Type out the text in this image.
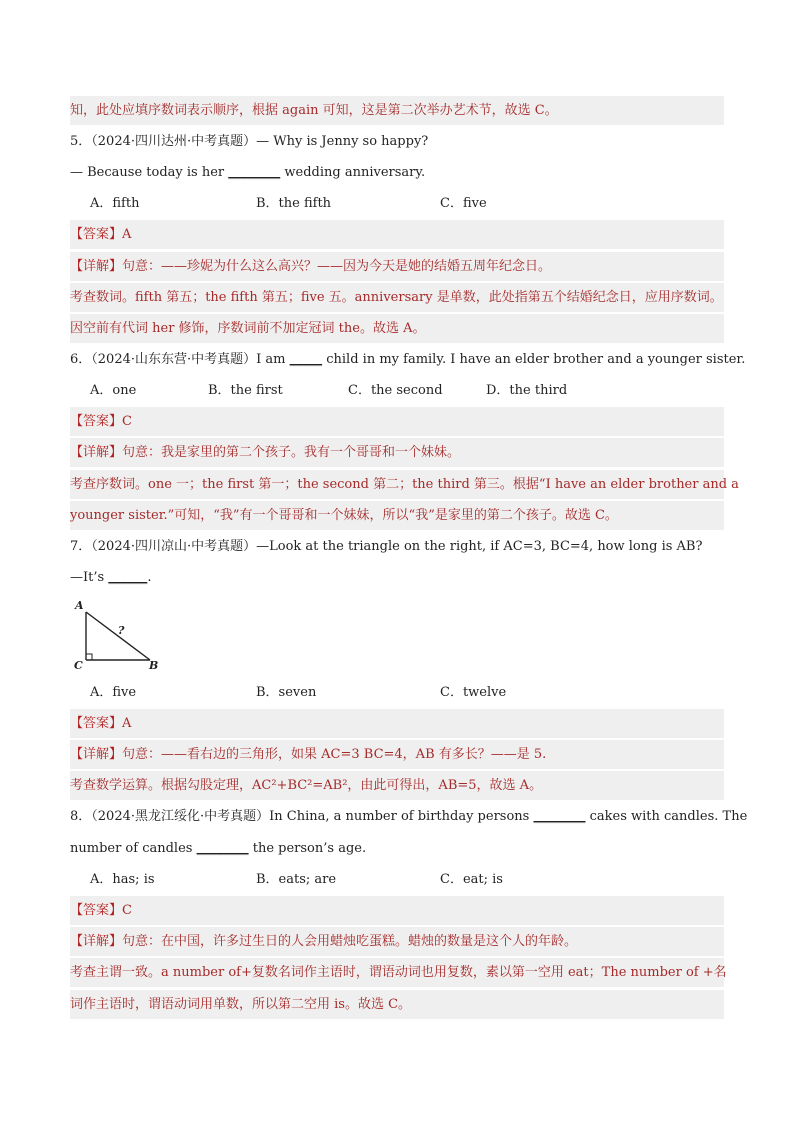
知，此处应填序数词表示顺序，根据 again 可知，这是第二次举办艺术节，故选 C。
5．（2024·四川达州·中考真题）— Why is Jenny so happy?
— Because today is her ________ wedding anniversary.
A．fifth	B．the fifth	C．five
【答案】A
【详解】句意：——珍妮为什么这么高兴？——因为今天是她的结婚五周年纪念日。
考查数词。fifth 第五；the fifth 第五；five 五。anniversary 是单数，此处指第五个结婚纪念日，应用序数词。
因空前有代词 her 修饰，序数词前不加定冠词 the。故选 A。
6．（2024·山东东营·中考真题）I am _____ child in my family. I have an elder brother and a younger sister.
A．one	B．the first	C．the second	D．the third
【答案】C
【详解】句意：我是家里的第二个孩子。我有一个哥哥和一个妹妹。
考查序数词。one 一；the first 第一；the second 第二；the third 第三。根据“I have an elder brother and a
younger sister.”可知，“我”有一个哥哥和一个妹妹，所以“我”是家里的第二个孩子。故选 C。
7．（2024·四川凉山·中考真题）—Look at the triangle on the right, if AC=3, BC=4, how long is AB?
—It’s ______.
A
C	B
?
A．five	B．seven	C．twelve
【答案】A
【详解】句意：——看右边的三角形，如果 AC=3 BC=4，AB 有多长？——是 5.
考查数学运算。根据勾股定理，AC²+BC²=AB²，由此可得出，AB=5，故选 A。
8．（2024·黑龙江绥化·中考真题）In China, a number of birthday persons ________ cakes with candles. The
number of candles ________ the person’s age.
A．has; is	B．eats; are	C．eat; is
【答案】C
【详解】句意：在中国，许多过生日的人会用蜡烛吃蛋糕。蜡烛的数量是这个人的年龄。
考查主谓一致。a number of+复数名词作主语时，谓语动词也用复数，素以第一空用 eat；The number of +名
词作主语时，谓语动词用单数，所以第二空用 is。故选 C。
